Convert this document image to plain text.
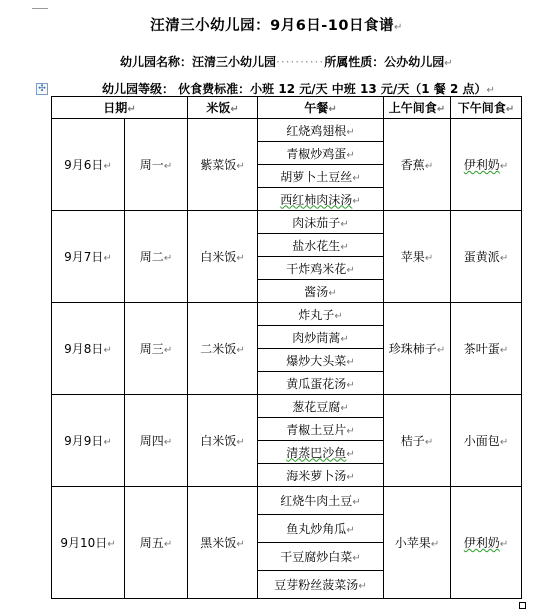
汪清三小幼儿园：9月6日-10日食谱↵
幼儿园名称：汪清三小幼儿园··········所属性质：公办幼儿园↵
✣	幼儿园等级： 伙食费标准：小班 12 元/天 中班 13 元/天（1 餐 2 点）↵
日期↵		米饭↵	午餐↵	上午间食↵	下午间食↵
9月6日↵	周一↵	紫菜饭↵	红烧鸡翅根↵	香蕉↵	伊利奶↵
			青椒炒鸡蛋↵		
			胡萝卜土豆丝↵		
			西红柿肉沫汤↵		
9月7日↵	周二↵	白米饭↵	肉沫茄子↵	苹果↵	蛋黄派↵
			盐水花生↵		
			干炸鸡米花↵		
			酱汤↵		
9月8日↵	周三↵	二米饭↵	炸丸子↵	珍珠柿子↵	茶叶蛋↵
			肉炒茼蒿↵		
			爆炒大头菜↵		
			黄瓜蛋花汤↵		
9月9日↵	周四↵	白米饭↵	葱花豆腐↵	桔子↵	小面包↵
			青椒土豆片↵		
			清蒸巴沙鱼↵		
			海米萝卜汤↵		
9月10日↵	周五↵	黑米饭↵	红烧牛肉土豆↵	小苹果↵	伊利奶↵
			鱼丸炒角瓜↵		
			干豆腐炒白菜↵		
			豆芽粉丝菠菜汤↵		
